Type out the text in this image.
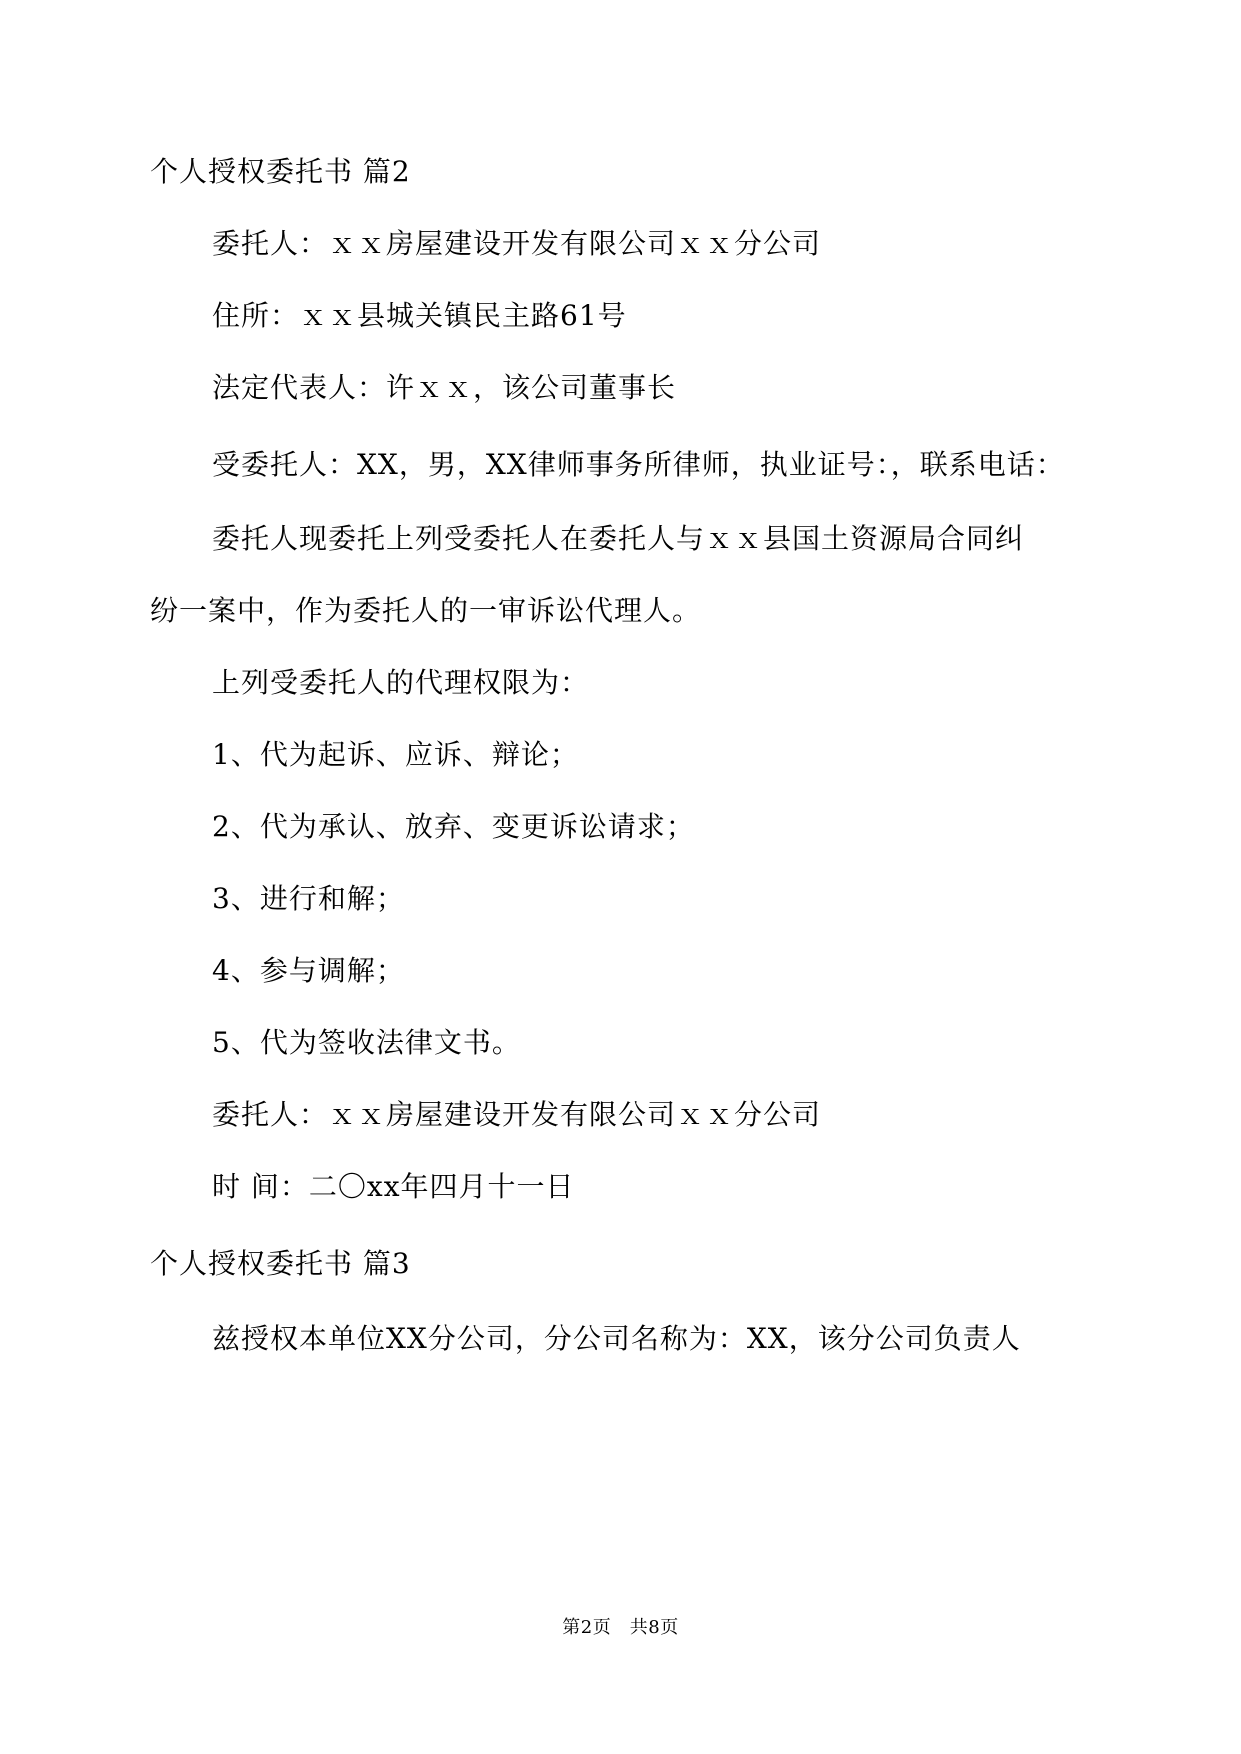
个人授权委托书 篇2
委托人：ｘｘ房屋建设开发有限公司ｘｘ分公司
住所：ｘｘ县城关镇民主路61号
法定代表人：许ｘｘ，该公司董事长
受委托人：XX，男，XX律师事务所律师，执业证号：，联系电话：
委托人现委托上列受委托人在委托人与ｘｘ县国土资源局合同纠
纷一案中，作为委托人的一审诉讼代理人。
上列受委托人的代理权限为：
1、代为起诉、应诉、辩论；
2、代为承认、放弃、变更诉讼请求；
3、进行和解；
4、参与调解；
5、代为签收法律文书。
委托人：ｘｘ房屋建设开发有限公司ｘｘ分公司
时 间：二〇xx年四月十一日
个人授权委托书 篇3
兹授权本单位XX分公司，分公司名称为：XX，该分公司负责人
第2页　共8页
